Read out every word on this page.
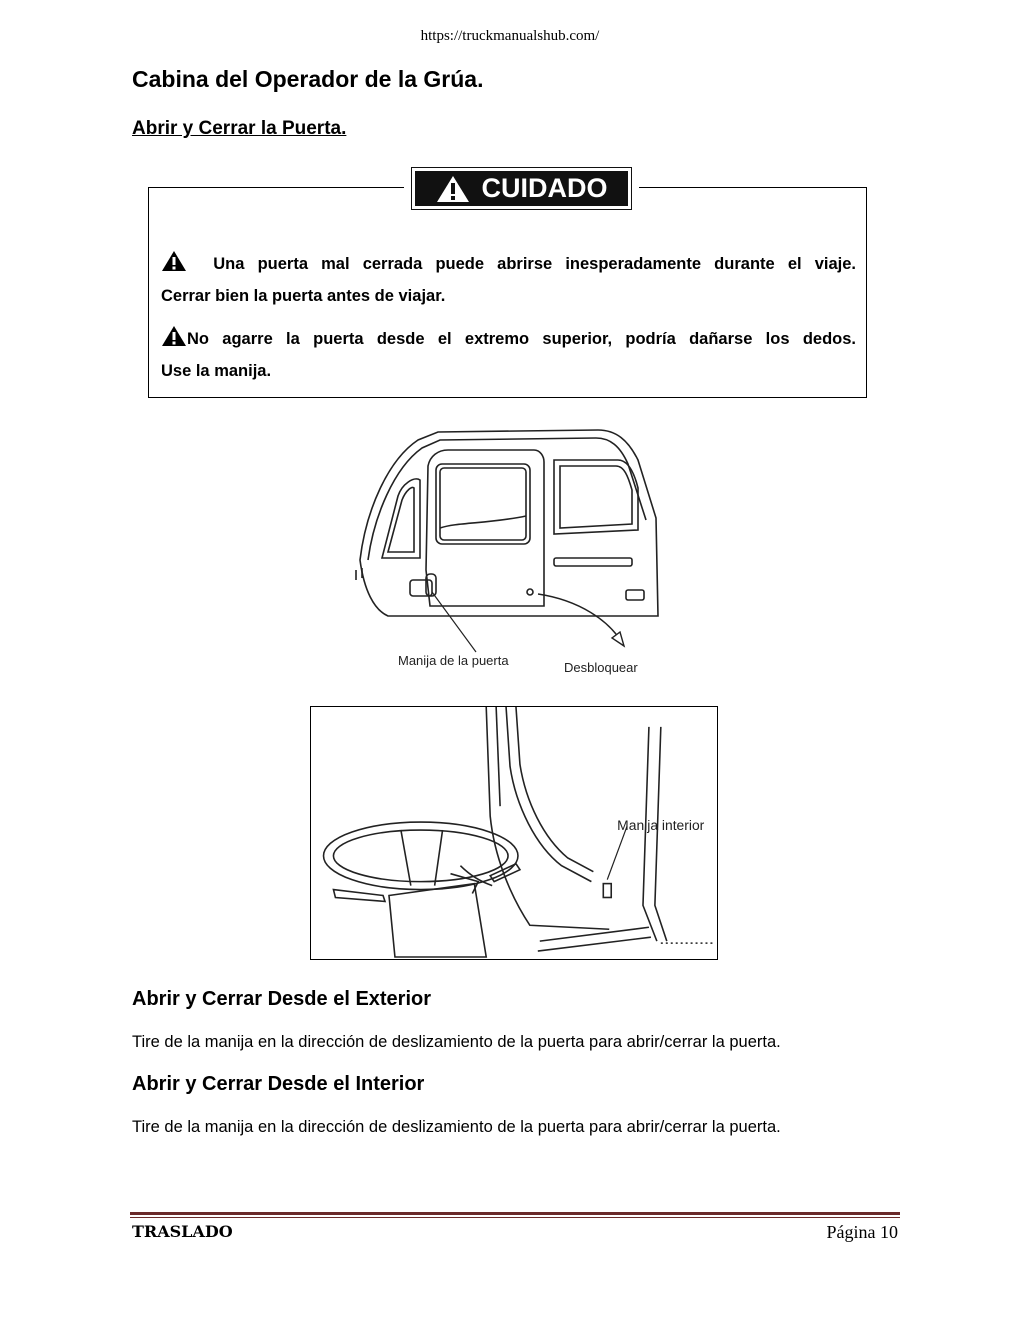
https://truckmanualshub.com/
Cabina del Operador de la Grúa.
Abrir y Cerrar la Puerta.
CUIDADO
Una puerta mal cerrada puede abrirse inesperadamente durante el viaje.
Cerrar bien la puerta antes de viajar.
No agarre la puerta desde el extremo superior, podría dañarse los dedos.
Use la manija.
Manija de la puerta	Desbloquear
Manija interior
Abrir y Cerrar Desde el Exterior
Tire de la manija en la dirección de deslizamiento de la puerta para abrir/cerrar la puerta.
Abrir y Cerrar Desde el Interior
Tire de la manija en la dirección de deslizamiento de la puerta para abrir/cerrar la puerta.
TRASLADO	Página 10
